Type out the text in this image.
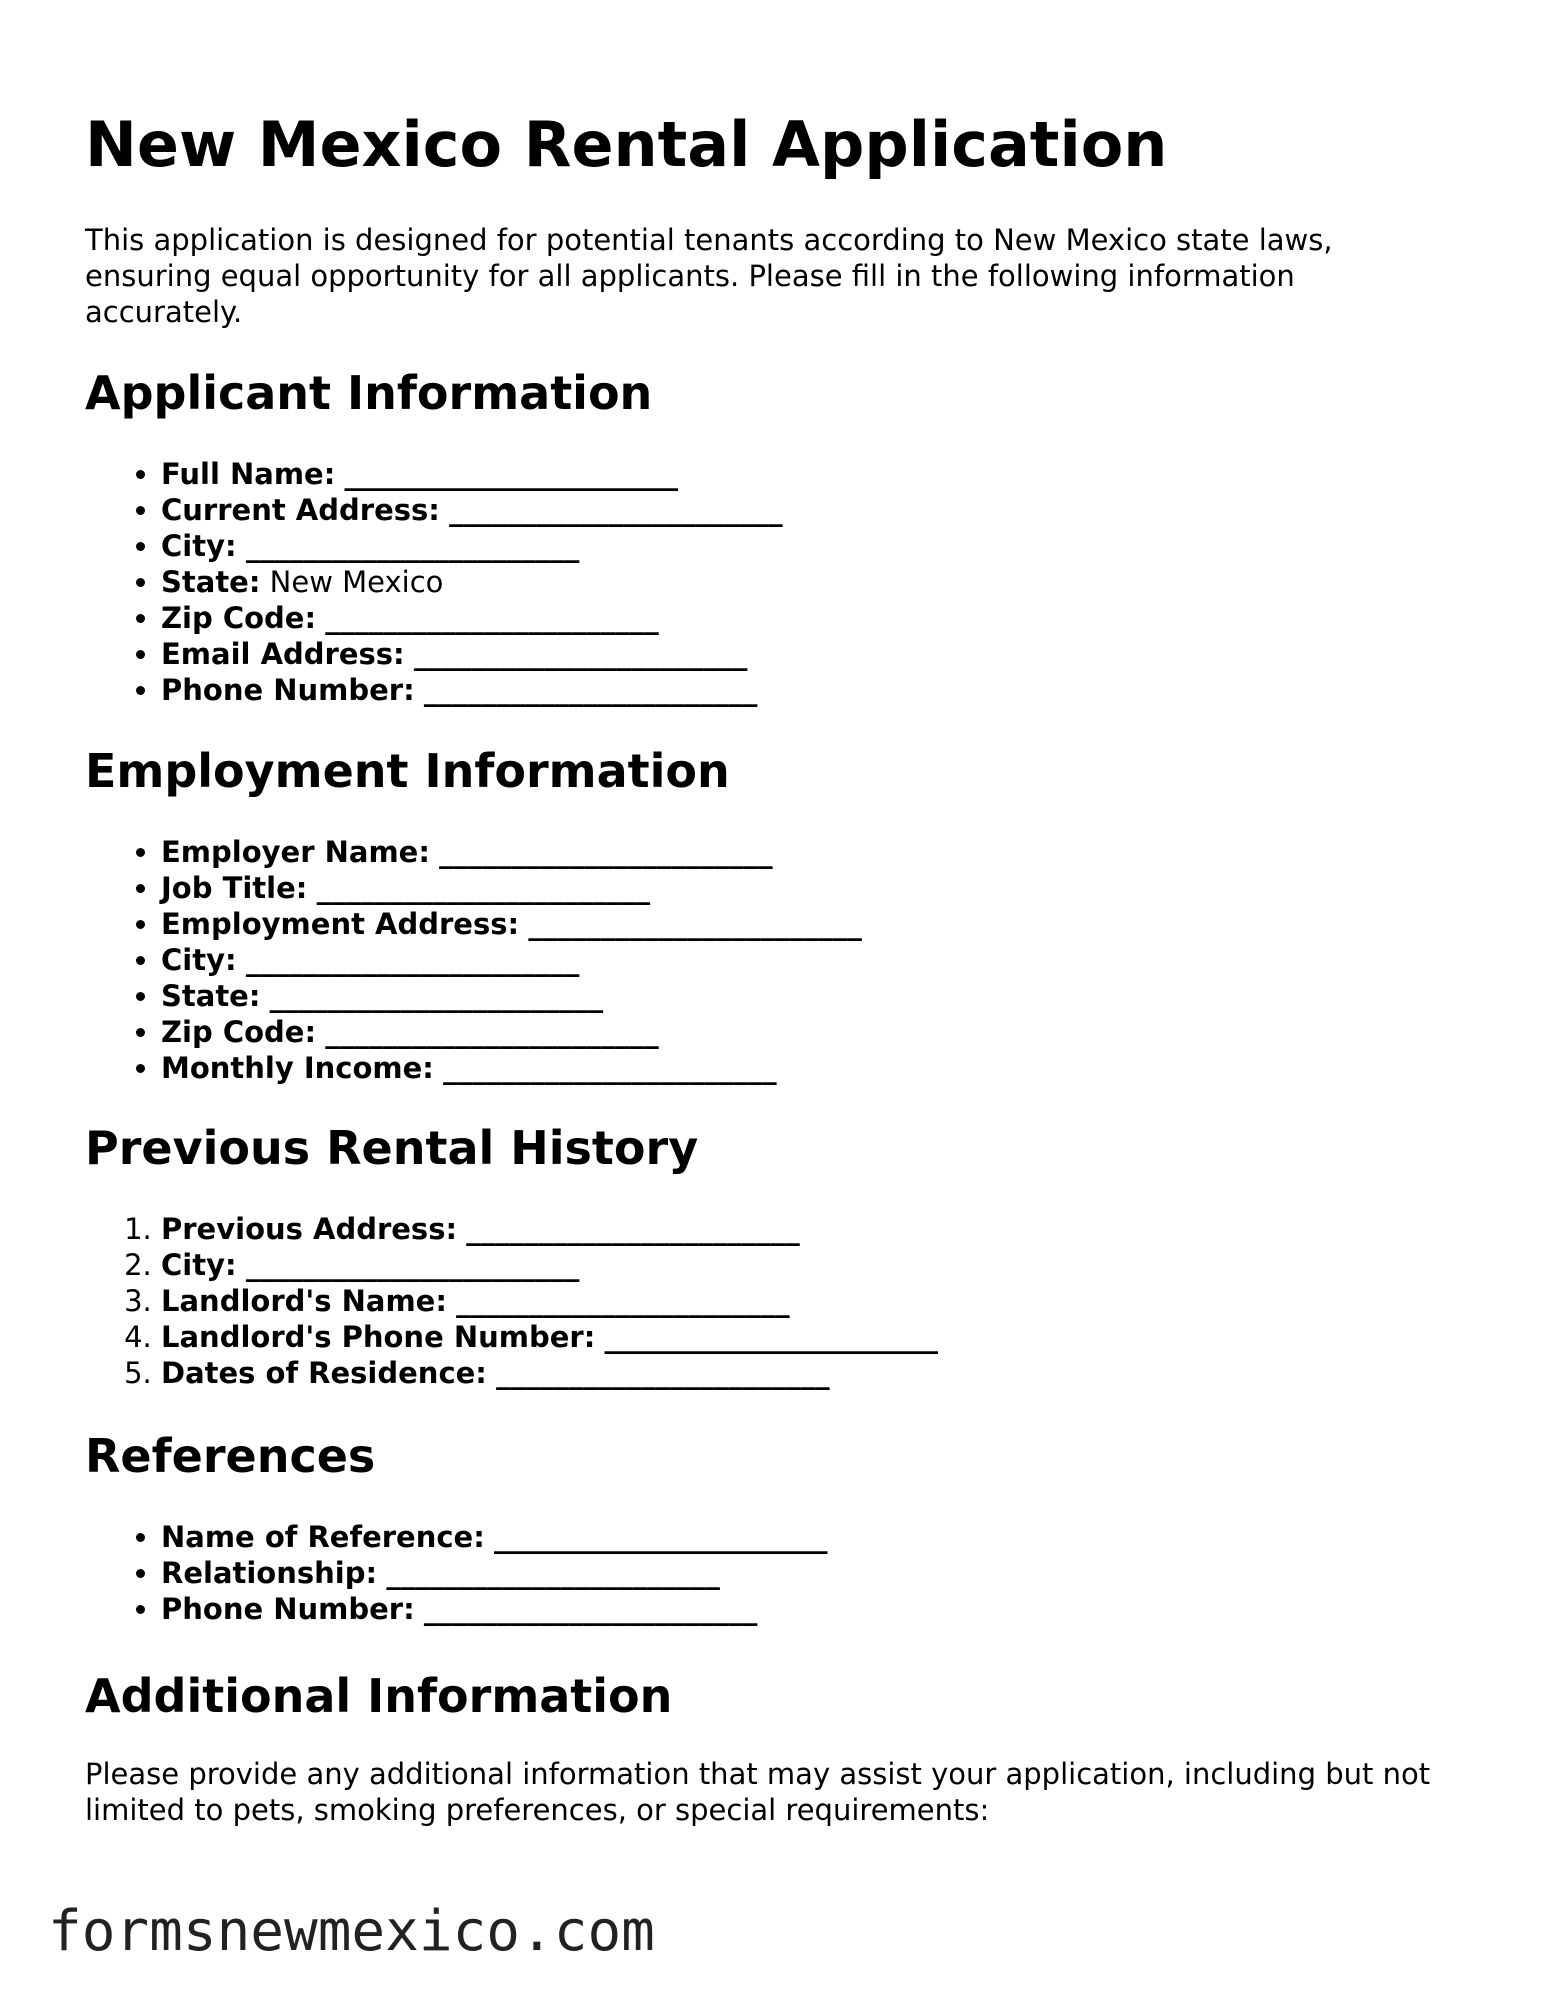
New Mexico Rental Application

This application is designed for potential tenants according to New Mexico state laws, ensuring equal opportunity for all applicants. Please fill in the following information accurately.

Applicant Information
• Full Name: _______________________
• Current Address: _______________________
• City: _______________________
• State: New Mexico
• Zip Code: _______________________
• Email Address: _______________________
• Phone Number: _______________________
Employment Information
• Employer Name: _______________________
• Job Title: _______________________
• Employment Address: _______________________
• City: _______________________
• State: _______________________
• Zip Code: _______________________
• Monthly Income: _______________________
Previous Rental History
1. Previous Address: _______________________
2. City: _______________________
3. Landlord's Name: _______________________
4. Landlord's Phone Number: _______________________
5. Dates of Residence: _______________________
References
• Name of Reference: _______________________
• Relationship: _______________________
• Phone Number: _______________________
Additional Information

Please provide any additional information that may assist your application, including but not limited to pets, smoking preferences, or special requirements:

formsnewmexico.com
